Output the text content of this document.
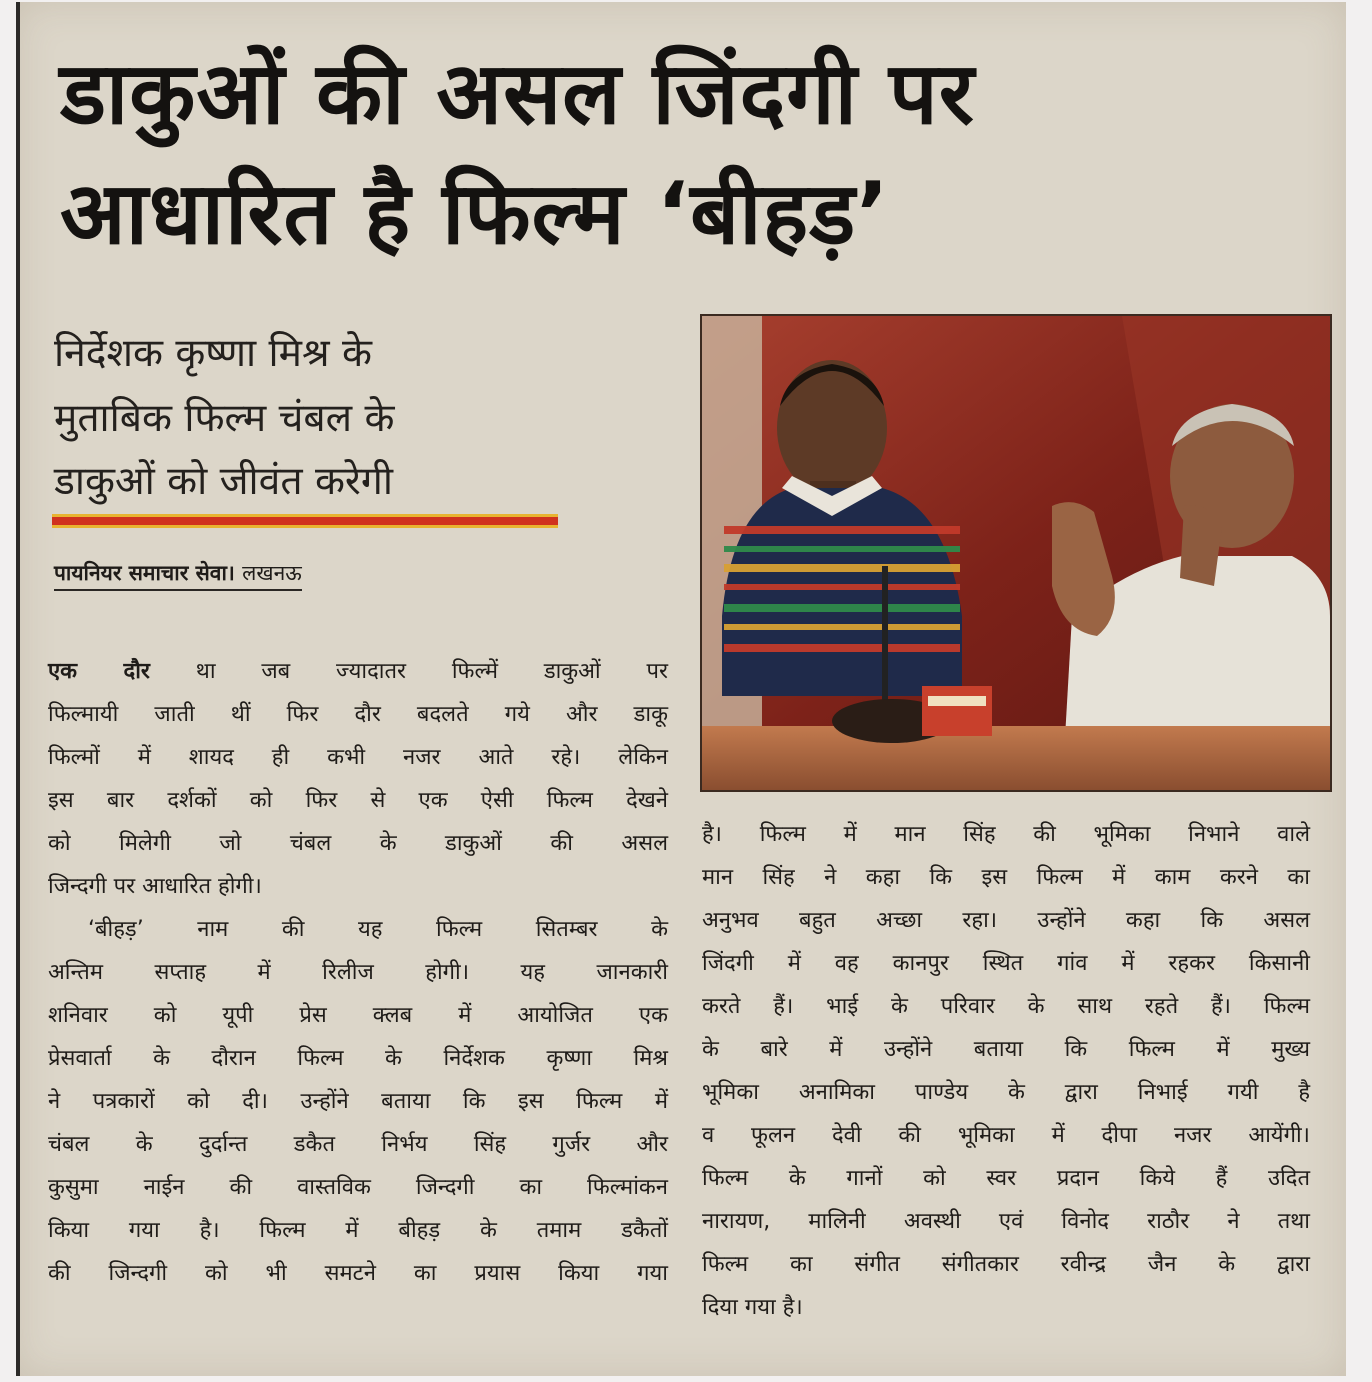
डाकुओं की असल जिंदगी पर
आधारित है फिल्म ‘बीहड़’
निर्देशक कृष्णा मिश्र के
मुताबिक फिल्म चंबल के
डाकुओं को जीवंत करेगी
पायनियर समाचार सेवा। लखनऊ

एक दौर था जब ज्यादातर फिल्में डाकुओं पर

फिल्मायी जाती थीं फिर दौर बदलते गये और डाकू

फिल्मों में शायद ही कभी नजर आते रहे। लेकिन

इस बार दर्शकों को फिर से एक ऐसी फिल्म देखने

को मिलेगी जो चंबल के डाकुओं की असल

जिन्दगी पर आधारित होगी।

‘बीहड़’ नाम की यह फिल्म सितम्बर के

अन्तिम सप्ताह में रिलीज होगी। यह जानकारी

शनिवार को यूपी प्रेस क्लब में आयोजित एक

प्रेसवार्ता के दौरान फिल्म के निर्देशक कृष्णा मिश्र

ने पत्रकारों को दी। उन्होंने बताया कि इस फिल्म में

चंबल के दुर्दान्त डकैत निर्भय सिंह गुर्जर और

कुसुमा नाईन की वास्तविक जिन्दगी का फिल्मांकन

किया गया है। फिल्म में बीहड़ के तमाम डकैतों

की जिन्दगी को भी समटने का प्रयास किया गया

है। फिल्म में मान सिंह की भूमिका निभाने वाले

मान सिंह ने कहा कि इस फिल्म में काम करने का

अनुभव बहुत अच्छा रहा। उन्होंने कहा कि असल

जिंदगी में वह कानपुर स्थित गांव में रहकर किसानी

करते हैं। भाई के परिवार के साथ रहते हैं। फिल्म

के बारे में उन्होंने बताया कि फिल्म में मुख्य

भूमिका अनामिका पाण्डेय के द्वारा निभाई गयी है

व फूलन देवी की भूमिका में दीपा नजर आयेंगी।

फिल्म के गानों को स्वर प्रदान किये हैं उदित

नारायण, मालिनी अवस्थी एवं विनोद राठौर ने तथा

फिल्म का संगीत संगीतकार रवीन्द्र जैन के द्वारा

दिया गया है।
